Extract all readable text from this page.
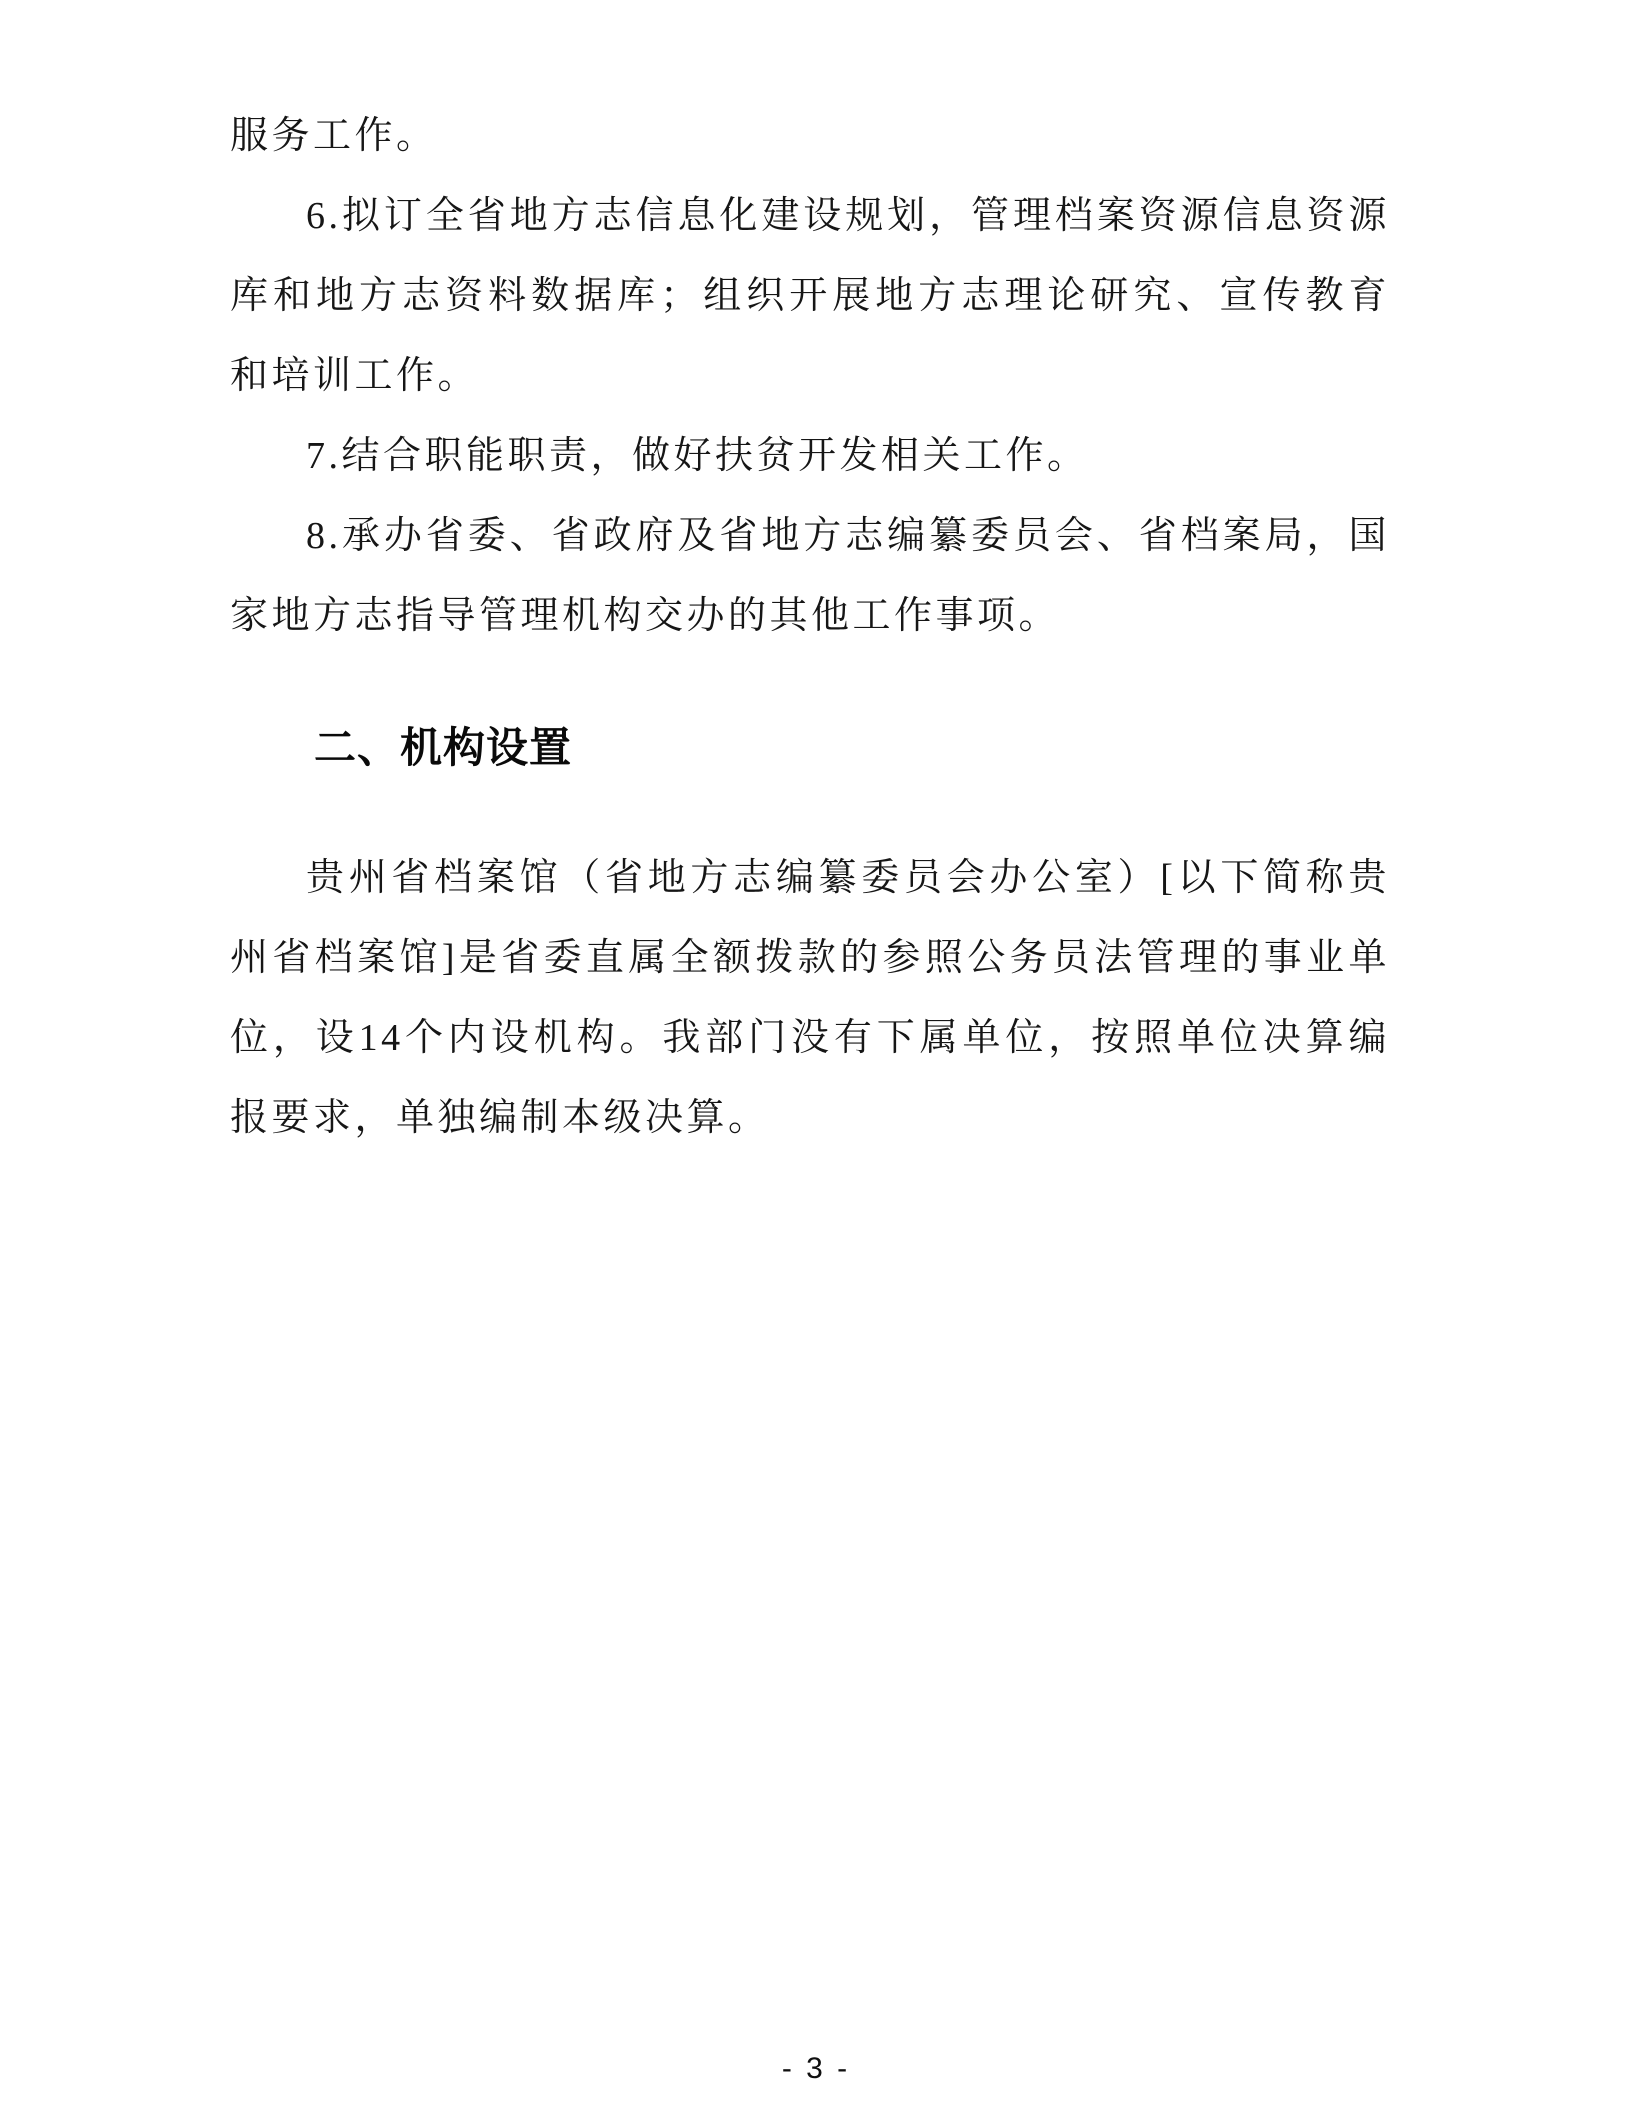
服务工作。

6.拟订全省地方志信息化建设规划，管理档案资源信息资源库和地方志资料数据库；组织开展地方志理论研究、宣传教育和培训工作。

7.结合职能职责，做好扶贫开发相关工作。

8.承办省委、省政府及省地方志编纂委员会、省档案局，国家地方志指导管理机构交办的其他工作事项。

二、机构设置

贵州省档案馆（省地方志编纂委员会办公室）[以下简称贵州省档案馆]是省委直属全额拨款的参照公务员法管理的事业单位，设14个内设机构。我部门没有下属单位，按照单位决算编报要求，单独编制本级决算。

- 3 -
